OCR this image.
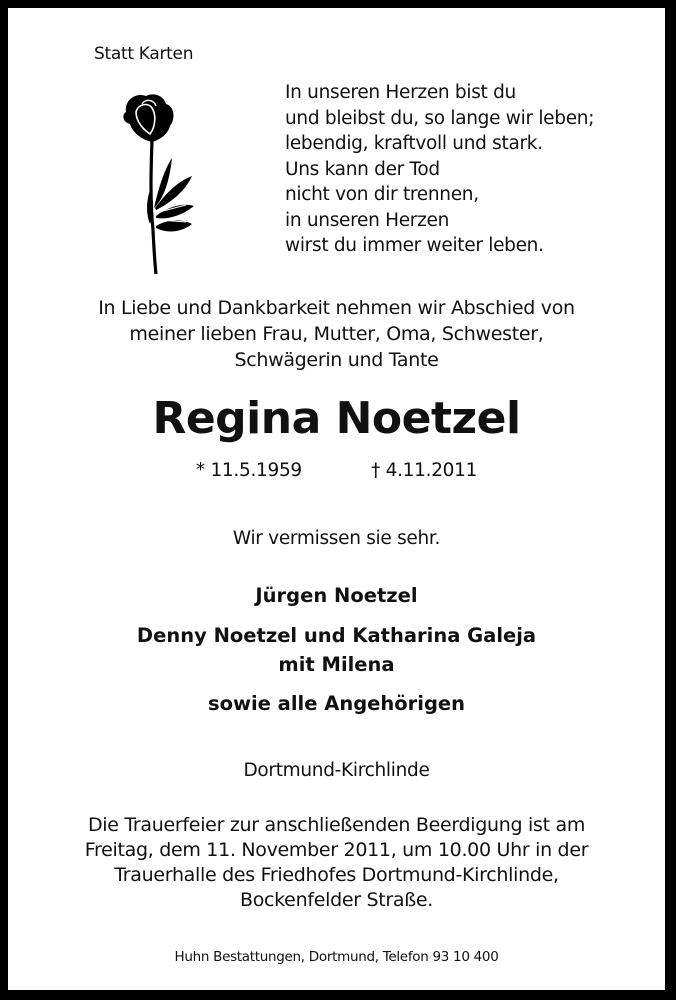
Statt Karten
In unseren Herzen bist du
und bleibst du, so lange wir leben;
lebendig, kraftvoll und stark.
Uns kann der Tod
nicht von dir trennen,
in unseren Herzen
wirst du immer weiter leben.
In Liebe und Dankbarkeit nehmen wir Abschied von
meiner lieben Frau, Mutter, Oma, Schwester,
Schwägerin und Tante
Regina Noetzel
* 11.5.1959	† 4.11.2011
Wir vermissen sie sehr.
Jürgen Noetzel
Denny Noetzel und Katharina Galeja
mit Milena
sowie alle Angehörigen
Dortmund-Kirchlinde
Die Trauerfeier zur anschließenden Beerdigung ist am
Freitag, dem 11. November 2011, um 10.00 Uhr in der
Trauerhalle des Friedhofes Dortmund-Kirchlinde,
Bockenfelder Straße.
Huhn Bestattungen, Dortmund, Telefon 93 10 400
